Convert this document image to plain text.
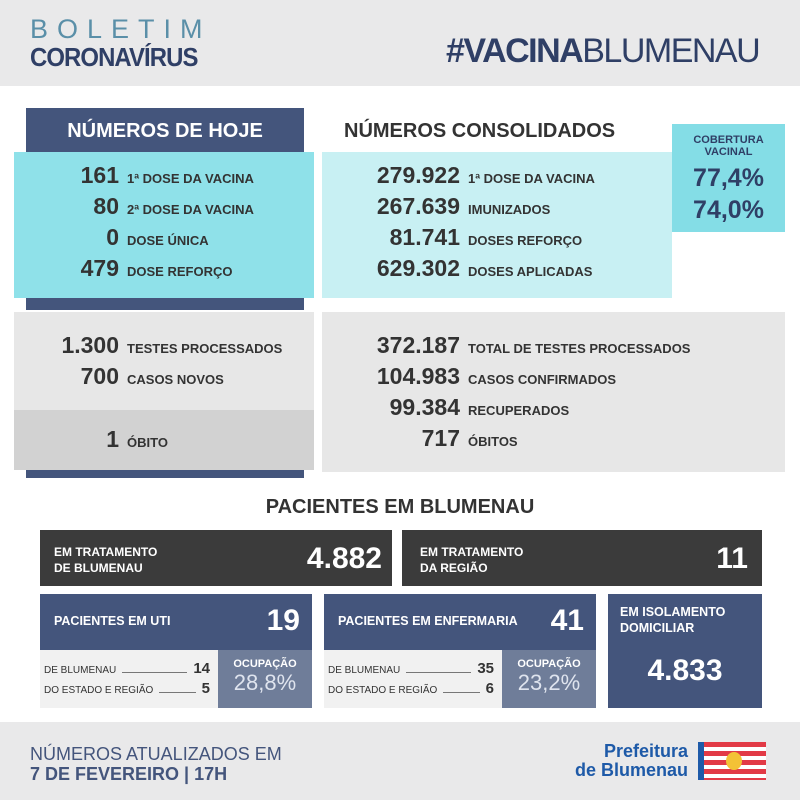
BOLETIM
CORONAVÍRUS	#VACINABLUMENAU
NÚMEROS DE HOJE
161 1ª DOSE DA VACINA
80 2ª DOSE DA VACINA
0 DOSE ÚNICA
479 DOSE REFORÇO
NÚMEROS CONSOLIDADOS
279.922 1ª DOSE DA VACINA
267.639 IMUNIZADOS
81.741 DOSES REFORÇO
629.302 DOSES APLICADAS
COBERTURA
VACINAL
77,4%
74,0%
1.300 TESTES PROCESSADOS
700 CASOS NOVOS
1 ÓBITO
372.187 TOTAL DE TESTES PROCESSADOS
104.983 CASOS CONFIRMADOS
99.384 RECUPERADOS
717 ÓBITOS
PACIENTES EM BLUMENAU
EM TRATAMENTO
DE BLUMENAU	4.882	EM TRATAMENTO
DA REGIÃO	11
PACIENTES EM UTI	19
DE BLUMENAU	14
DO ESTADO E REGIÃO	5
OCUPAÇÃO
28,8%
PACIENTES EM ENFERMARIA 41
DE BLUMENAU	35
DO ESTADO E REGIÃO	6
OCUPAÇÃO
23,2%
EM ISOLAMENTO
DOMICILIAR
4.833
NÚMEROS ATUALIZADOS EM
7 DE FEVEREIRO | 17H
Prefeitura
de Blumenau
